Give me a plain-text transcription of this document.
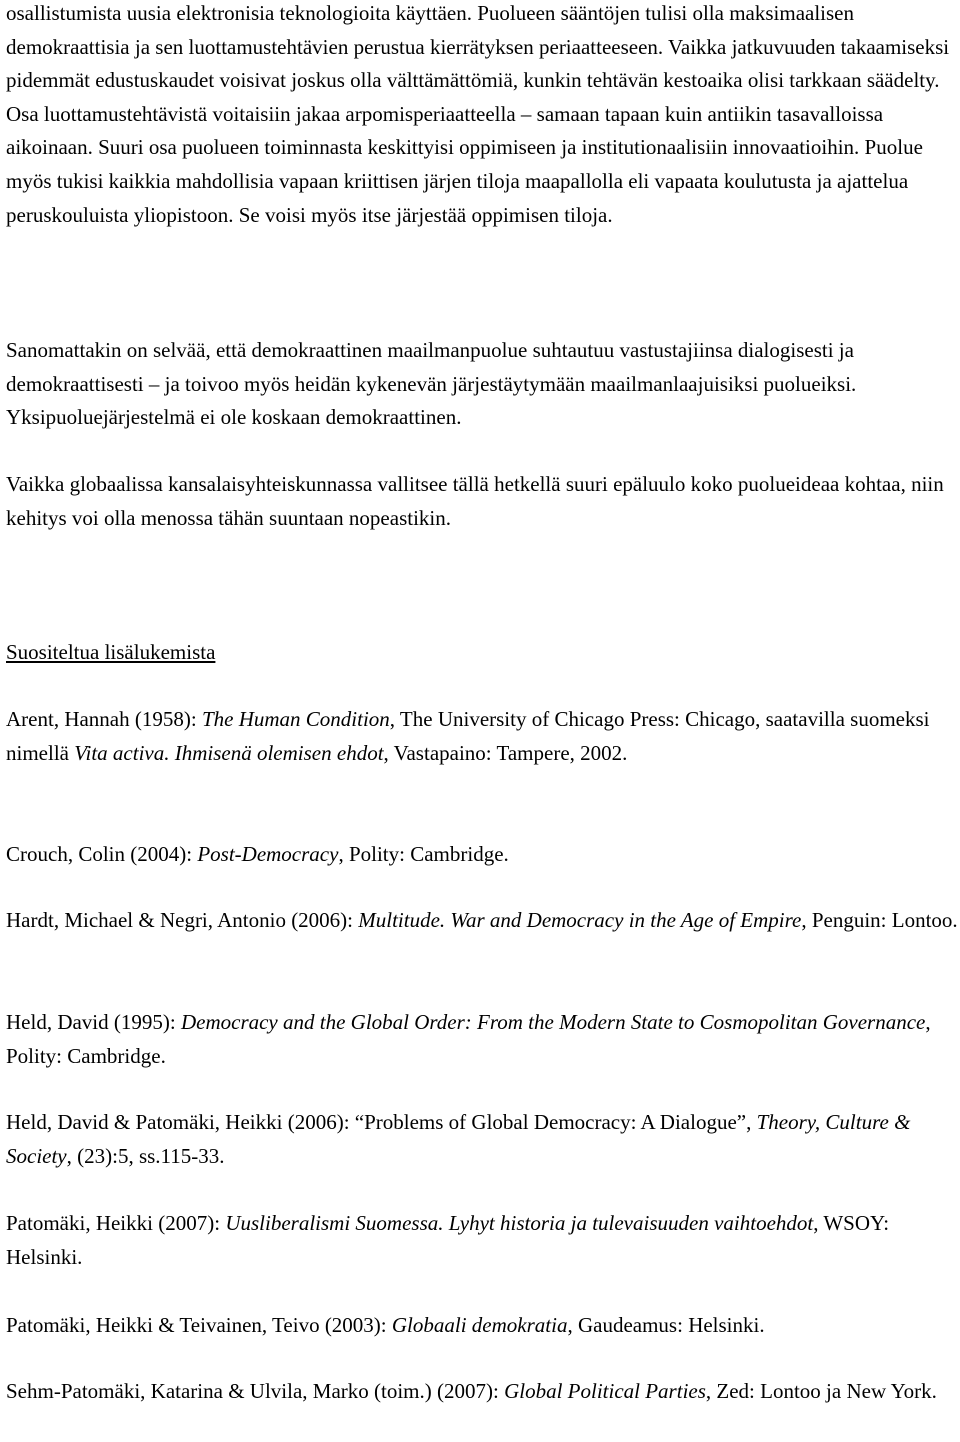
osallistumista uusia elektronisia teknologioita käyttäen. Puolueen sääntöjen tulisi olla maksimaalisen demokraattisia ja sen luottamustehtävien perustua kierrätyksen periaatteeseen. Vaikka jatkuvuuden takaamiseksi pidemmät edustuskaudet voisivat joskus olla välttämättömiä, kunkin tehtävän kestoaika olisi tarkkaan säädelty. Osa luottamustehtävistä voitaisiin jakaa arpomisperiaatteella – samaan tapaan kuin antiikin tasavalloissa aikoinaan. Suuri osa puolueen toiminnasta keskittyisi oppimiseen ja institutionaalisiin innovaatioihin. Puolue myös tukisi kaikkia mahdollisia vapaan kriittisen järjen tiloja maapallolla eli vapaata koulutusta ja ajattelua peruskouluista yliopistoon. Se voisi myös itse järjestää oppimisen tiloja.

Sanomattakin on selvää, että demokraattinen maailmanpuolue suhtautuu vastustajiinsa dialogisesti ja demokraattisesti – ja toivoo myös heidän kykenevän järjestäytymään maailmanlaajuisiksi puolueiksi. Yksipuoluejärjestelmä ei ole koskaan demokraattinen.

Vaikka globaalissa kansalaisyhteiskunnassa vallitsee tällä hetkellä suuri epäluulo koko puolueideaa kohtaa, niin kehitys voi olla menossa tähän suuntaan nopeastikin.

Suositeltua lisälukemista

Arent, Hannah (1958): The Human Condition, The University of Chicago Press: Chicago, saatavilla suomeksi nimellä Vita activa. Ihmisenä olemisen ehdot, Vastapaino: Tampere, 2002.

Crouch, Colin (2004): Post-Democracy, Polity: Cambridge.

Hardt, Michael & Negri, Antonio (2006): Multitude. War and Democracy in the Age of Empire, Penguin: Lontoo.

Held, David (1995): Democracy and the Global Order: From the Modern State to Cosmopolitan Governance, Polity: Cambridge.

Held, David & Patomäki, Heikki (2006): “Problems of Global Democracy: A Dialogue”, Theory, Culture & Society, (23):5, ss.115-33.

Patomäki, Heikki (2007): Uusliberalismi Suomessa. Lyhyt historia ja tulevaisuuden vaihtoehdot, WSOY: Helsinki.

Patomäki, Heikki & Teivainen, Teivo (2003): Globaali demokratia, Gaudeamus: Helsinki.

Sehm-Patomäki, Katarina & Ulvila, Marko (toim.) (2007): Global Political Parties, Zed: Lontoo ja New York.
